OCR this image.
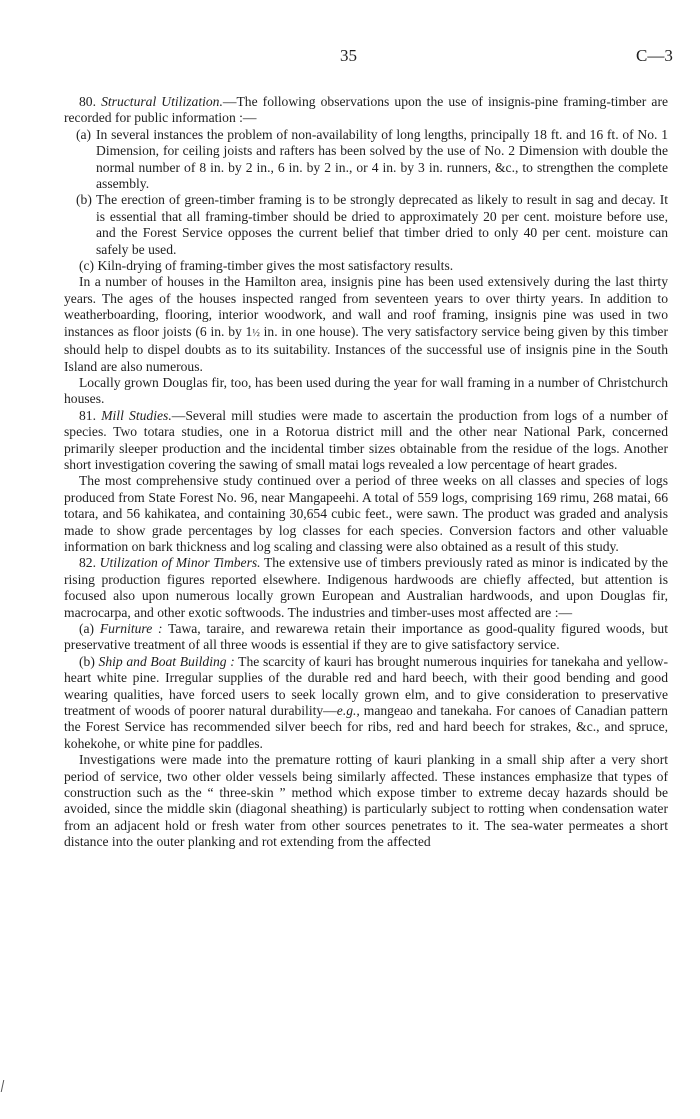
35	C—3

80. Structural Utilization.—The following observations upon the use of insignis-pine framing-timber are recorded for public information :—

(a) In several instances the problem of non-availability of long lengths, principally 18 ft. and 16 ft. of No. 1 Dimension, for ceiling joists and rafters has been solved by the use of No. 2 Dimension with double the normal number of 8 in. by 2 in., 6 in. by 2 in., or 4 in. by 3 in. runners, &c., to strengthen the complete assembly.

(b) The erection of green-timber framing is to be strongly deprecated as likely to result in sag and decay. It is essential that all framing-timber should be dried to approximately 20 per cent. moisture before use, and the Forest Service opposes the current belief that timber dried to only 40 per cent. moisture can safely be used.

(c) Kiln-drying of framing-timber gives the most satisfactory results.

In a number of houses in the Hamilton area, insignis pine has been used extensively during the last thirty years. The ages of the houses inspected ranged from seventeen years to over thirty years. In addition to weatherboarding, flooring, interior woodwork, and wall and roof framing, insignis pine was used in two instances as floor joists (6 in. by 1½ in. in one house). The very satisfactory service being given by this timber should help to dispel doubts as to its suitability. Instances of the successful use of insignis pine in the South Island are also numerous.

Locally grown Douglas fir, too, has been used during the year for wall framing in a number of Christchurch houses.

81. Mill Studies.—Several mill studies were made to ascertain the production from logs of a number of species. Two totara studies, one in a Rotorua district mill and the other near National Park, concerned primarily sleeper production and the incidental timber sizes obtainable from the residue of the logs. Another short investigation covering the sawing of small matai logs revealed a low percentage of heart grades.

The most comprehensive study continued over a period of three weeks on all classes and species of logs produced from State Forest No. 96, near Mangapeehi. A total of 559 logs, comprising 169 rimu, 268 matai, 66 totara, and 56 kahikatea, and containing 30,654 cubic feet., were sawn. The product was graded and analysis made to show grade percentages by log classes for each species. Conversion factors and other valuable information on bark thickness and log scaling and classing were also obtained as a result of this study.

82. Utilization of Minor Timbers. The extensive use of timbers previously rated as minor is indicated by the rising production figures reported elsewhere. Indigenous hardwoods are chiefly affected, but attention is focused also upon numerous locally grown European and Australian hardwoods, and upon Douglas fir, macrocarpa, and other exotic softwoods. The industries and timber-uses most affected are :—

(a) Furniture : Tawa, taraire, and rewarewa retain their importance as good-quality figured woods, but preservative treatment of all three woods is essential if they are to give satisfactory service.

(b) Ship and Boat Building : The scarcity of kauri has brought numerous inquiries for tanekaha and yellow-heart white pine. Irregular supplies of the durable red and hard beech, with their good bending and good wearing qualities, have forced users to seek locally grown elm, and to give consideration to preservative treatment of woods of poorer natural durability—e.g., mangeao and tanekaha. For canoes of Canadian pattern the Forest Service has recommended silver beech for ribs, red and hard beech for strakes, &c., and spruce, kohekohe, or white pine for paddles.

Investigations were made into the premature rotting of kauri planking in a small ship after a very short period of service, two other older vessels being similarly affected. These instances emphasize that types of construction such as the “ three-skin ” method which expose timber to extreme decay hazards should be avoided, since the middle skin (diagonal sheathing) is particularly subject to rotting when condensation water from an adjacent hold or fresh water from other sources penetrates to it. The sea-water permeates a short distance into the outer planking and rot extending from the affected
